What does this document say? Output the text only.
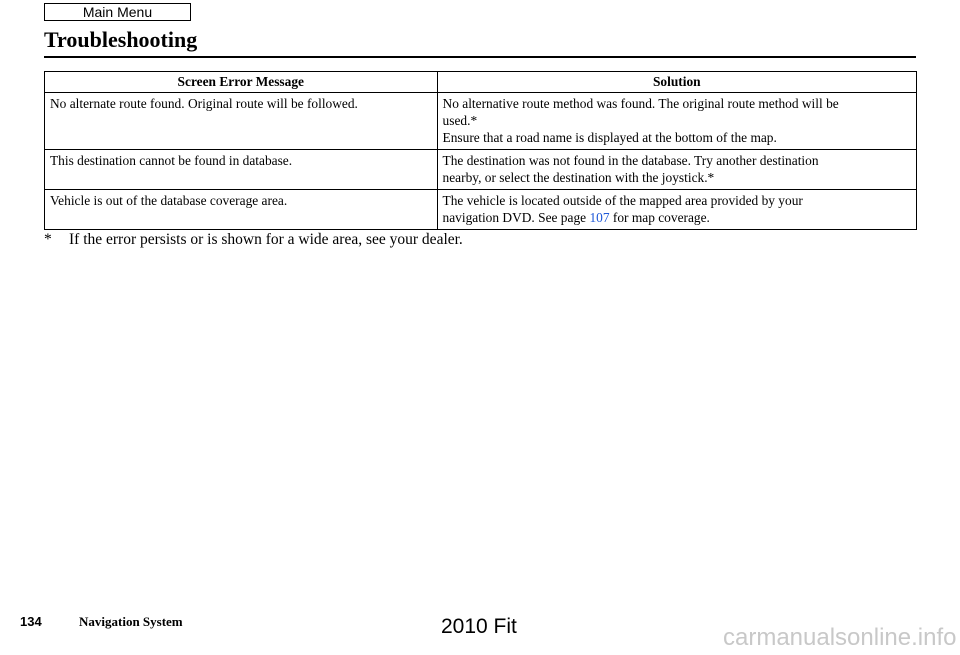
Main Menu
Troubleshooting
Screen Error Message	Solution
No alternate route found. Original route will be followed.	No alternative route method was found. The original route method will be
used.*
Ensure that a road name is displayed at the bottom of the map.

This destination cannot be found in database.	The destination was not found in the database. Try another destination
nearby, or select the destination with the joystick.*

Vehicle is out of the database coverage area.	The vehicle is located outside of the mapped area provided by your
navigation DVD. See page 107 for map coverage.

* If the error persists or is shown for a wide area, see your dealer.

134	Navigation System	2010 Fit	carmanualsonline.info
